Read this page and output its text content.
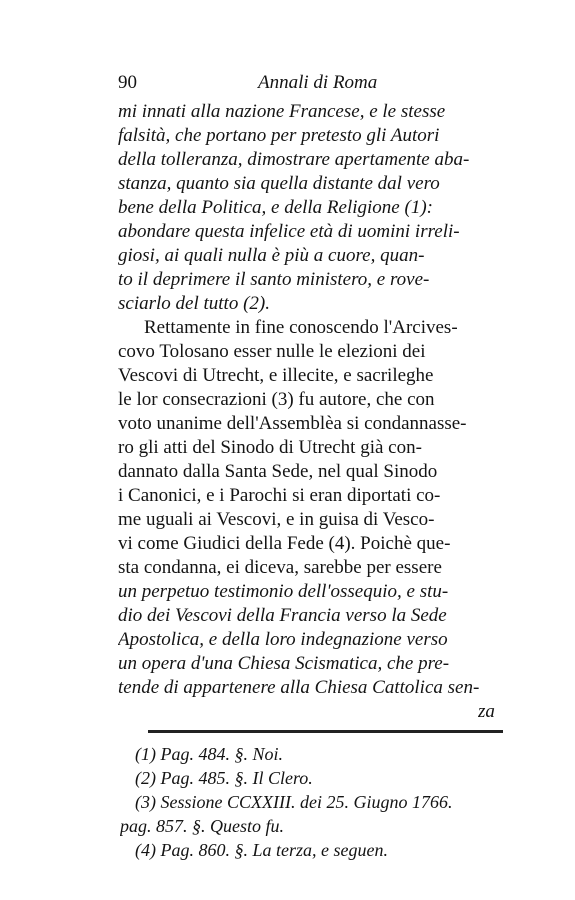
90	Annali di Roma
mi innati alla nazione Francese, e le stesse
falsità, che portano per pretesto gli Autori
della tolleranza, dimostrare apertamente aba-
stanza, quanto sia quella distante dal vero
bene della Politica, e della Religione (1):
abondare questa infelice età di uomini irreli-
giosi, ai quali nulla è più a cuore, quan-
to il deprimere il santo ministero, e rove-
sciarlo del tutto (2).
Rettamente in fine conoscendo l'Arcives-
covo Tolosano esser nulle le elezioni dei
Vescovi di Utrecht, e illecite, e sacrileghe
le lor consecrazioni (3) fu autore, che con
voto unanime dell'Assemblèa si condannasse-
ro gli atti del Sinodo di Utrecht già con-
dannato dalla Santa Sede, nel qual Sinodo
i Canonici, e i Parochi si eran diportati co-
me uguali ai Vescovi, e in guisa di Vesco-
vi come Giudici della Fede (4). Poichè que-
sta condanna, ei diceva, sarebbe per essere
un perpetuo testimonio dell'ossequio, e stu-
dio dei Vescovi della Francia verso la Sede
Apostolica, e della loro indegnazione verso
un opera d'una Chiesa Scismatica, che pre-
tende di appartenere alla Chiesa Cattolica sen-
za
(1) Pag. 484. §. Noi.
(2) Pag. 485. §. Il Clero.
(3) Sessione CCXXIII. dei 25. Giugno 1766.
pag. 857. §. Questo fu.
(4) Pag. 860. §. La terza, e seguen.
